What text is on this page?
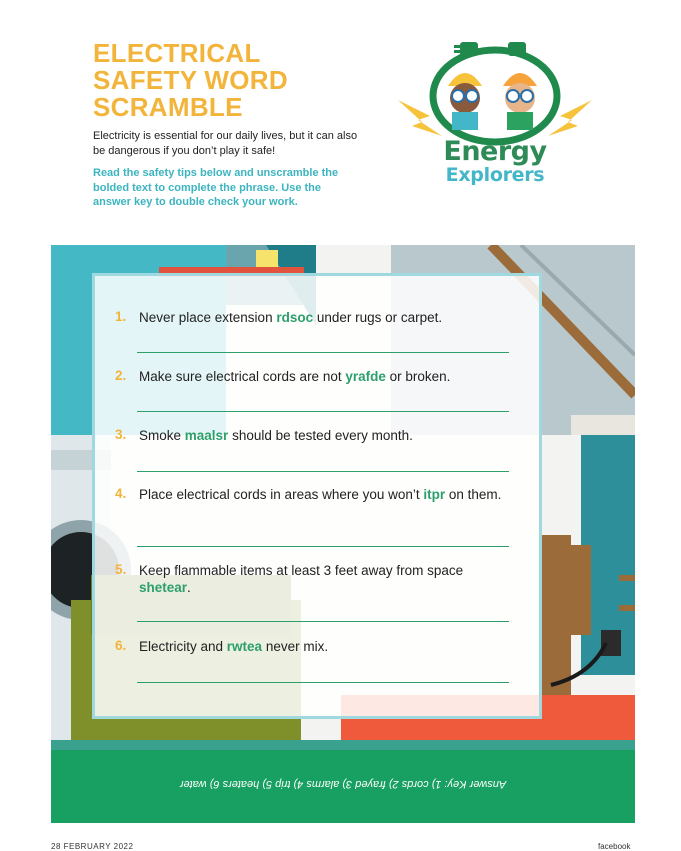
ELECTRICAL
SAFETY WORD
SCRAMBLE

Electricity is essential for our daily lives, but it can also be dangerous if you don’t play it safe!

Read the safety tips below and unscramble the bolded text to complete the phrase. Use the answer key to double check your work.

Energy
Explorers
Answer Key: 1) cords 2) frayed 3) alarms 4) trip 5) heaters 6) water
1. Never place extension rdsoc under rugs or carpet.
2. Make sure electrical cords are not yrafde or broken.
3. Smoke maalsr should be tested every month.
4. Place electrical cords in areas where you won’t itpr on them.
5. Keep flammable items at least 3 feet away from space shetear.
6. Electricity and rwtea never mix.
28 FEBRUARY 2022	facebook
